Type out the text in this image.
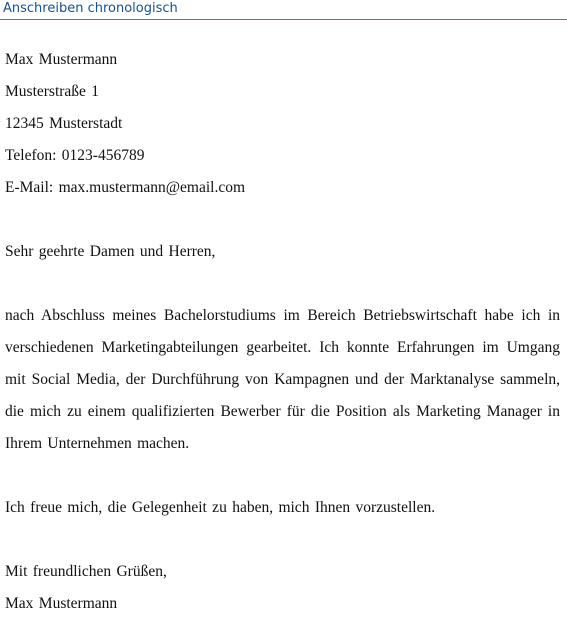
Anschreiben chronologisch
Max Mustermann
Musterstraße 1
12345 Musterstadt
Telefon: 0123-456789
E-Mail: max.mustermann@email.com
Sehr geehrte Damen und Herren,
nach Abschluss meines Bachelorstudiums im Bereich Betriebswirtschaft habe ich in verschiedenen Marketingabteilungen gearbeitet. Ich konnte Erfahrungen im Umgang mit Social Media, der Durchführung von Kampagnen und der Marktanalyse sammeln, die mich zu einem qualifizierten Bewerber für die Position als Marketing Manager in Ihrem Unternehmen machen.
Ich freue mich, die Gelegenheit zu haben, mich Ihnen vorzustellen.
Mit freundlichen Grüßen,
Max Mustermann
